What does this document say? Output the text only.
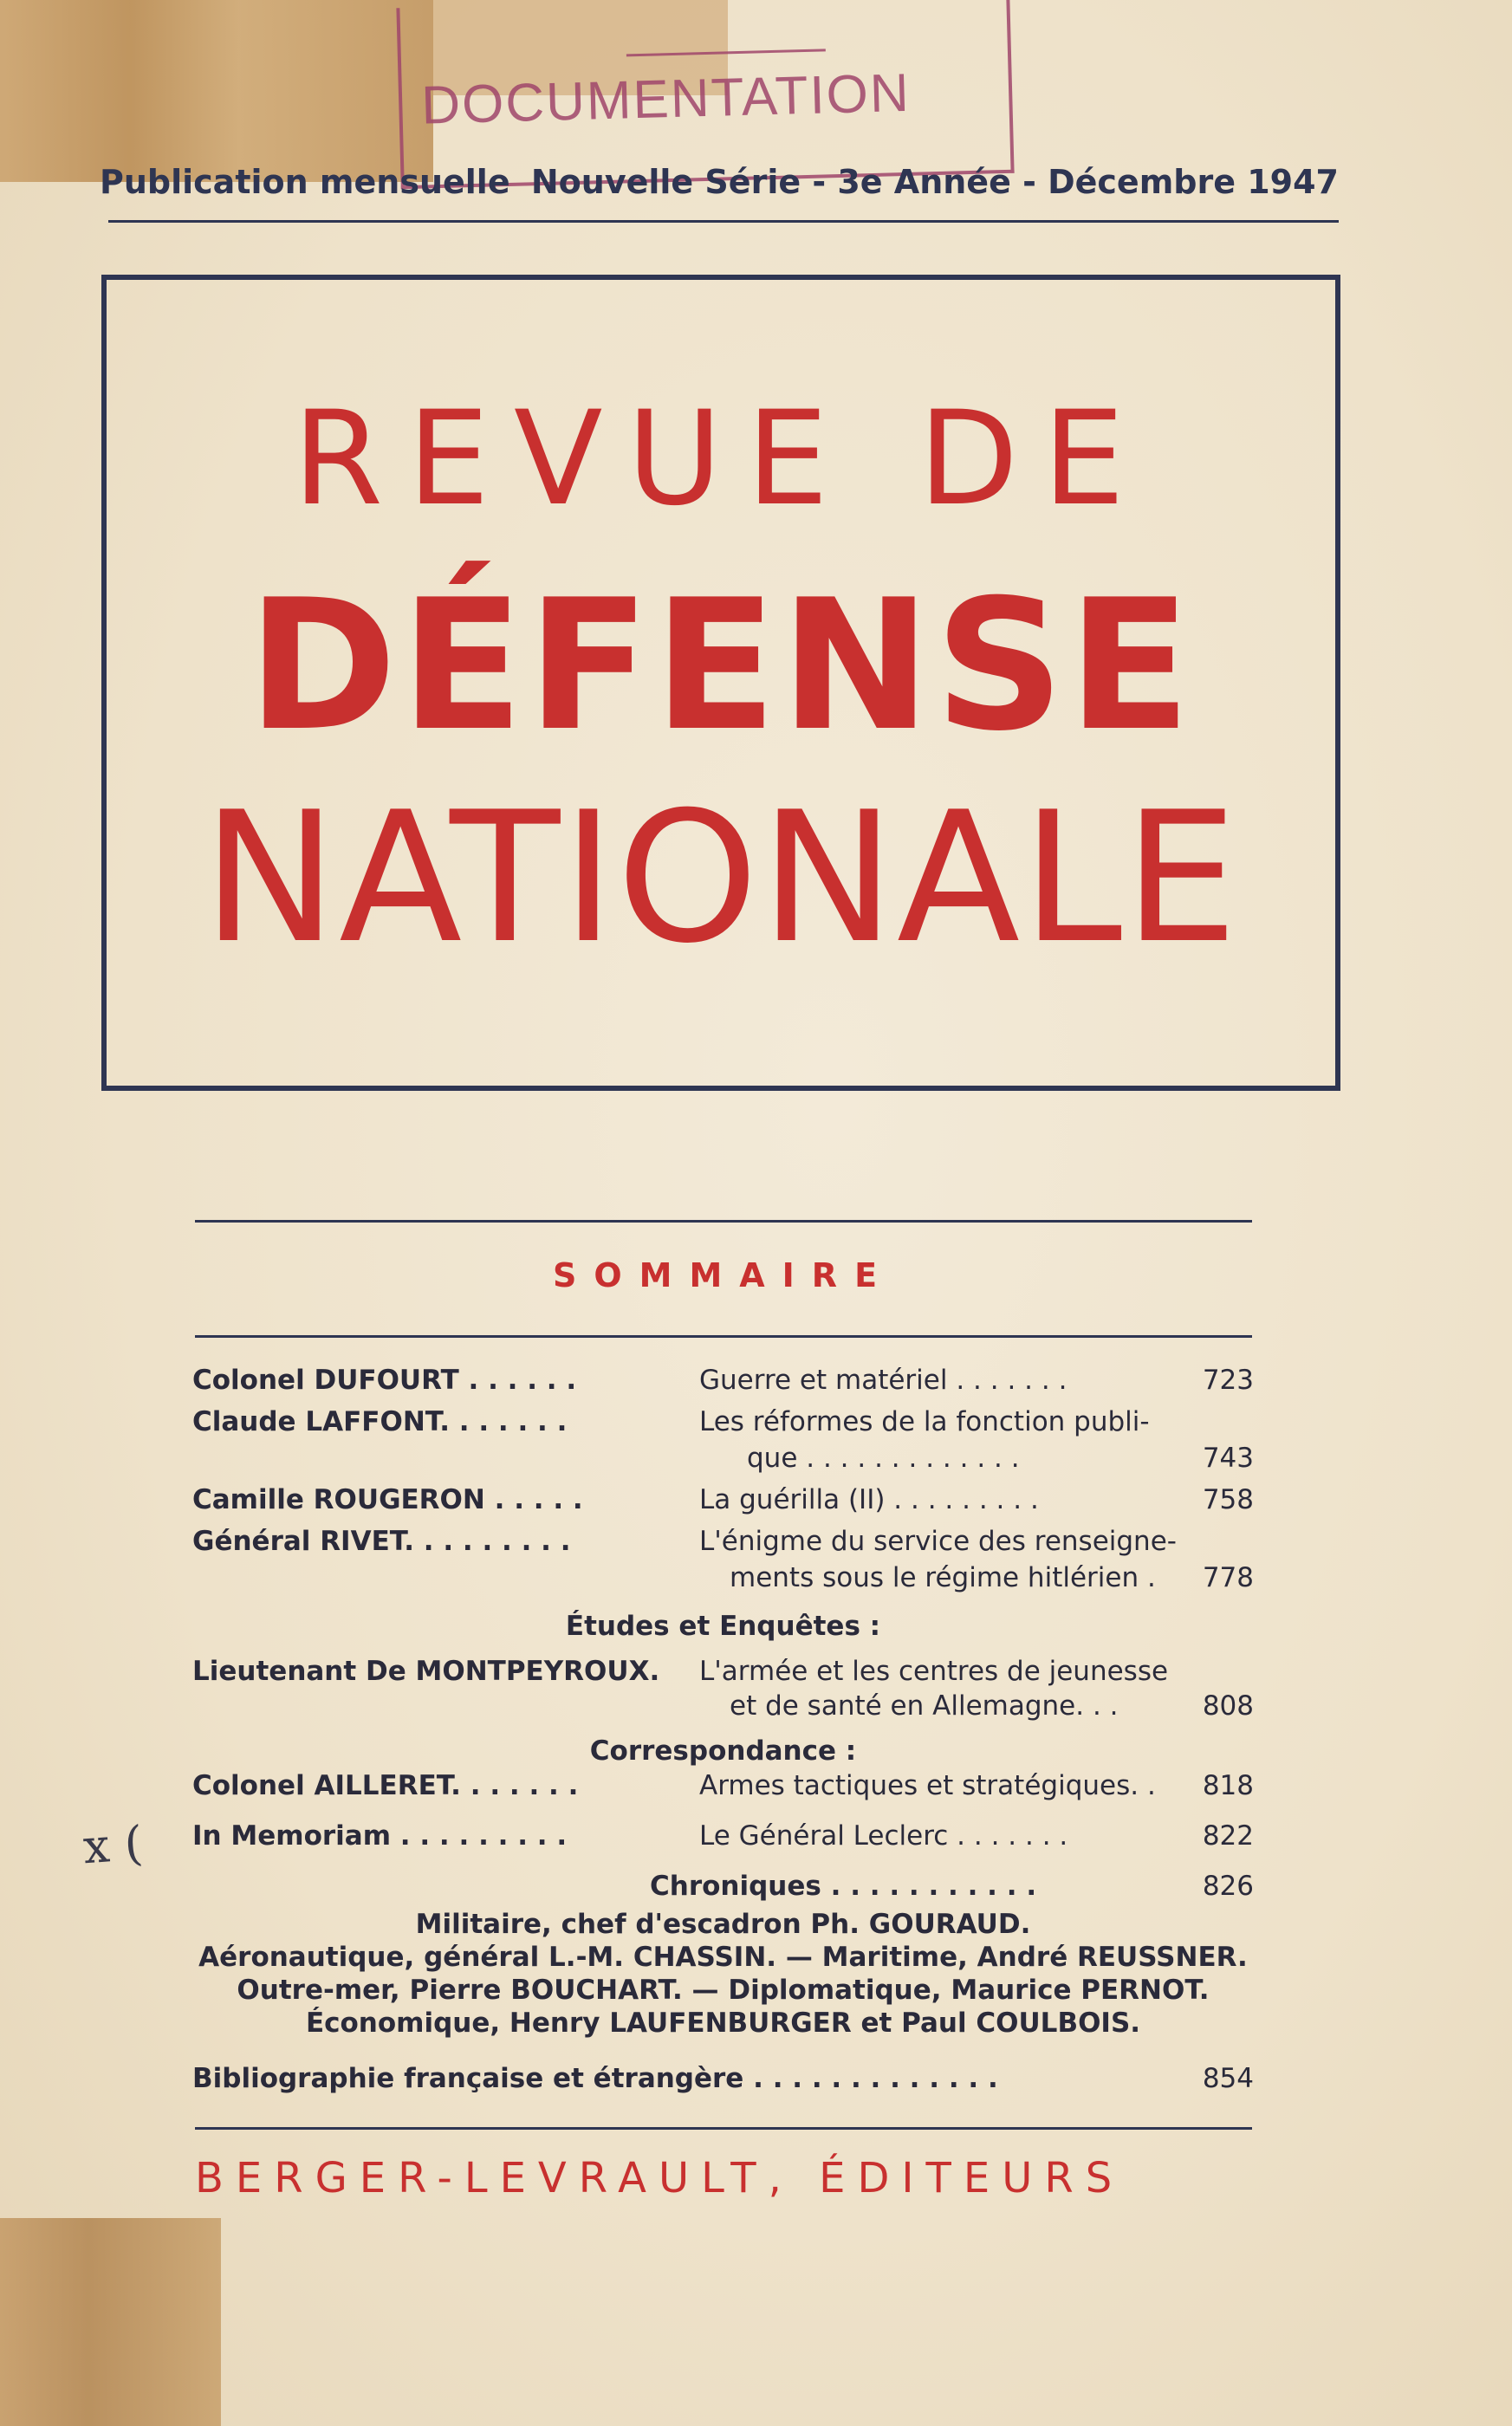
DOCUMENTATION
Publication mensuelle Nouvelle Série - 3e Année - Décembre 1947
REVUE DE
DÉFENSE
NATIONALE
SOMMAIRE
Colonel DUFOURT . . . . . .	Guerre et matériel . . . . . . .	723
Claude LAFFONT. . . . . . .	Les réformes de la fonction publi-
que . . . . . . . . . . . . .	743
Camille ROUGERON . . . . .	La guérilla (II) . . . . . . . . .	758
Général RIVET. . . . . . . . .	L'énigme du service des renseigne-
ments sous le régime hitlérien . 778
Études et Enquêtes :
Lieutenant De MONTPEYROUX. L'armée et les centres de jeunesse
et de santé en Allemagne. . .	808
Correspondance :
Colonel AILLERET. . . . . . .	Armes tactiques et stratégiques. . 818
In Memoriam . . . . . . . . .	Le Général Leclerc . . . . . . .	822
Chroniques . . . . . . . . . . .	826
Militaire, chef d'escadron Ph. GOURAUD.
Aéronautique, général L.-M. CHASSIN. — Maritime, André REUSSNER.
Outre-mer, Pierre BOUCHART. — Diplomatique, Maurice PERNOT.
Économique, Henry LAUFENBURGER et Paul COULBOIS.
Bibliographie française et étrangère . . . . . . . . . . . . .	854
x (
BERGER-LEVRAULT, ÉDITEURS
